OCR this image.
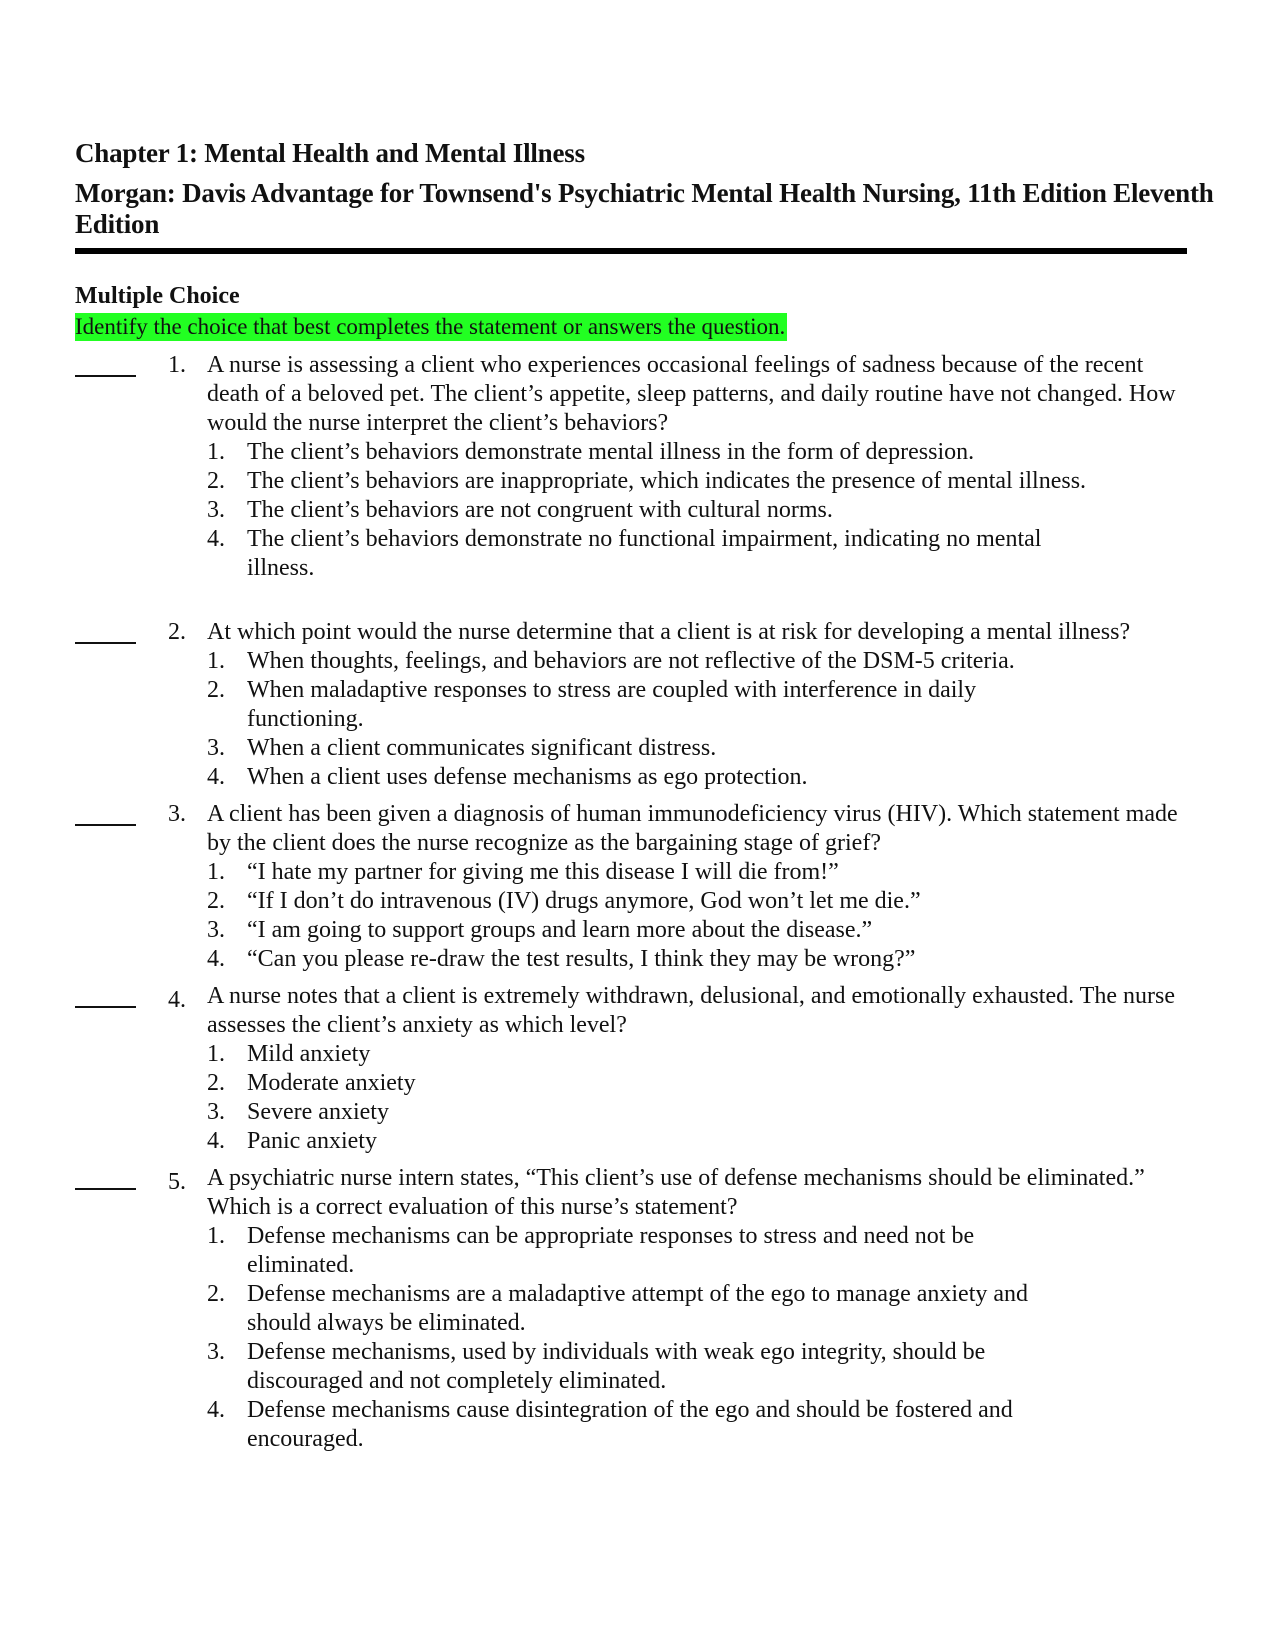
Chapter 1: Mental Health and Mental Illness
Morgan: Davis Advantage for Townsend's Psychiatric Mental Health Nursing, 11th Edition Eleventh Edition
Multiple Choice

Identify the choice that best completes the statement or answers the question.

1. A nurse is assessing a client who experiences occasional feelings of sadness because of the recent death of a beloved pet. The client’s appetite, sleep patterns, and daily routine have not changed. How would the nurse interpret the client’s behaviors?

1. The client’s behaviors demonstrate mental illness in the form of depression.
2. The client’s behaviors are inappropriate, which indicates the presence of mental illness.
3. The client’s behaviors are not congruent with cultural norms.
4. The client’s behaviors demonstrate no functional impairment, indicating no mental illness.
2. At which point would the nurse determine that a client is at risk for developing a mental illness?

1. When thoughts, feelings, and behaviors are not reflective of the DSM-5 criteria.
2. When maladaptive responses to stress are coupled with interference in daily functioning.
3. When a client communicates significant distress.
4. When a client uses defense mechanisms as ego protection.
3. A client has been given a diagnosis of human immunodeficiency virus (HIV). Which statement made by the client does the nurse recognize as the bargaining stage of grief?

1. “I hate my partner for giving me this disease I will die from!”
2. “If I don’t do intravenous (IV) drugs anymore, God won’t let me die.”
3. “I am going to support groups and learn more about the disease.”
4. “Can you please re-draw the test results, I think they may be wrong?”
4. A nurse notes that a client is extremely withdrawn, delusional, and emotionally exhausted. The nurse assesses the client’s anxiety as which level?

1. Mild anxiety
2. Moderate anxiety
3. Severe anxiety
4. Panic anxiety
5. A psychiatric nurse intern states, “This client’s use of defense mechanisms should be eliminated.” Which is a correct evaluation of this nurse’s statement?

1. Defense mechanisms can be appropriate responses to stress and need not be eliminated.
2. Defense mechanisms are a maladaptive attempt of the ego to manage anxiety and should always be eliminated.
3. Defense mechanisms, used by individuals with weak ego integrity, should be discouraged and not completely eliminated.
4. Defense mechanisms cause disintegration of the ego and should be fostered and encouraged.
